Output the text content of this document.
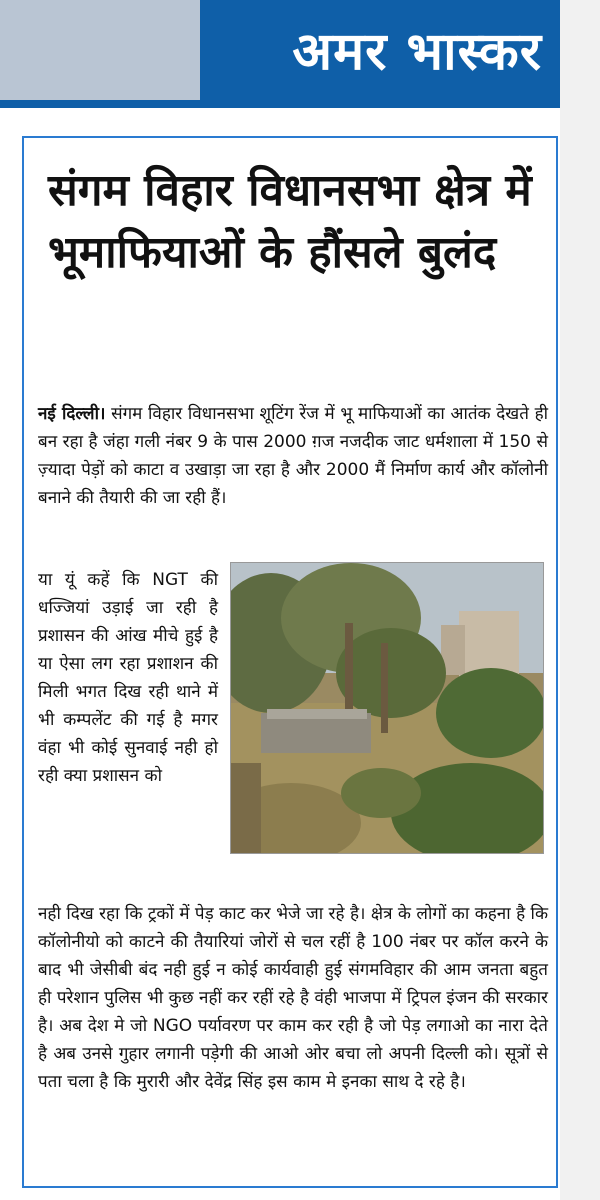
अमर भास्कर
संगम विहार विधानसभा क्षेत्र में भूमाफियाओं के हौंसले बुलंद
नई दिल्ली। संगम विहार विधानसभा शूटिंग रेंज में भू माफियाओं का आतंक देखते ही बन रहा है जंहा गली नंबर 9 के पास 2000 ग़ज नजदीक जाट धर्मशाला में 150 से ज़्यादा पेड़ों को काटा व उखाड़ा जा रहा है और 2000 मैं निर्माण कार्य और कॉलोनी बनाने की तैयारी की जा रही हैं।
या यूं कहें कि NGT की धज्जियां उड़ाई जा रही है प्रशासन की आंख मीचे हुई है या ऐसा लग रहा प्रशाशन की मिली भगत दिख रही थाने में भी कम्पलेंट की गई है मगर वंहा भी कोई सुनवाई नही हो रही क्या प्रशासन को
नही दिख रहा कि ट्रकों में पेड़ काट कर भेजे जा रहे है। क्षेत्र के लोगों का कहना है कि कॉलोनीयो को काटने की तैयारियां जोरों से चल रहीं है 100 नंबर पर कॉल करने के बाद भी जेसीबी बंद नही हुई न कोई कार्यवाही हुई संगमविहार की आम जनता बहुत ही परेशान पुलिस भी कुछ नहीं कर रहीं रहे है वंही भाजपा में ट्रिपल इंजन की सरकार है। अब देश मे जो NGO पर्यावरण पर काम कर रही है जो पेड़ लगाओ का नारा देते है अब उनसे गुहार लगानी पड़ेगी की आओ ओर बचा लो अपनी दिल्ली को। सूत्रों से पता चला है कि मुरारी और देवेंद्र सिंह इस काम मे इनका साथ दे रहे है।
